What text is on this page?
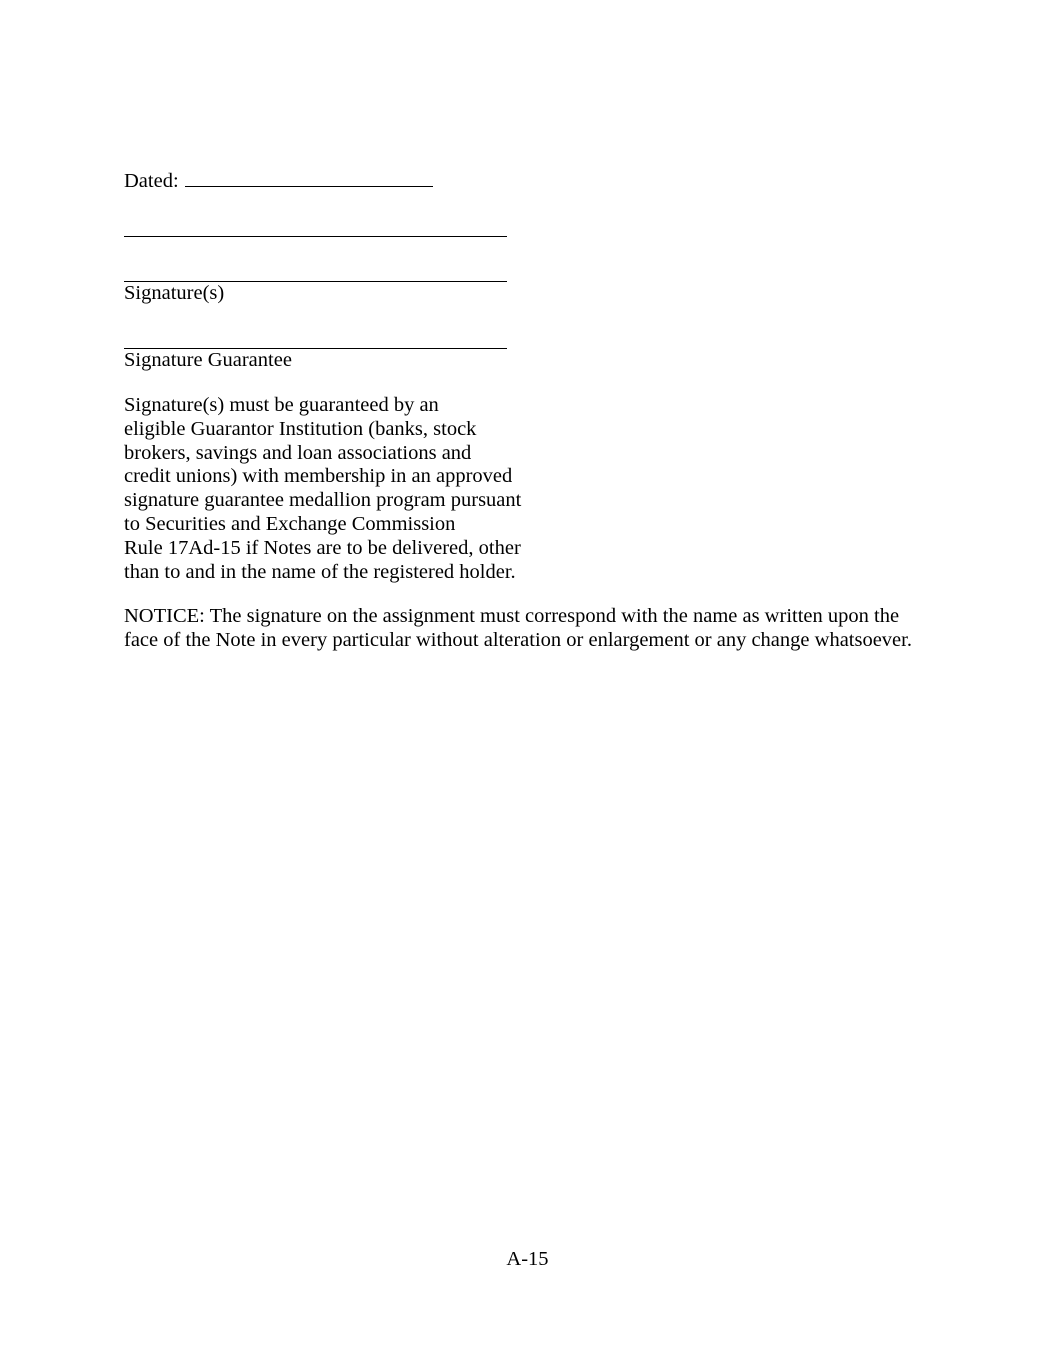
Dated:
Signature(s)
Signature Guarantee
Signature(s) must be guaranteed by an
eligible Guarantor Institution (banks, stock
brokers, savings and loan associations and
credit unions) with membership in an approved
signature guarantee medallion program pursuant
to Securities and Exchange Commission
Rule 17Ad-15 if Notes are to be delivered, other
than to and in the name of the registered holder.
NOTICE: The signature on the assignment must correspond with the name as written upon the
face of the Note in every particular without alteration or enlargement or any change whatsoever.
A-15
